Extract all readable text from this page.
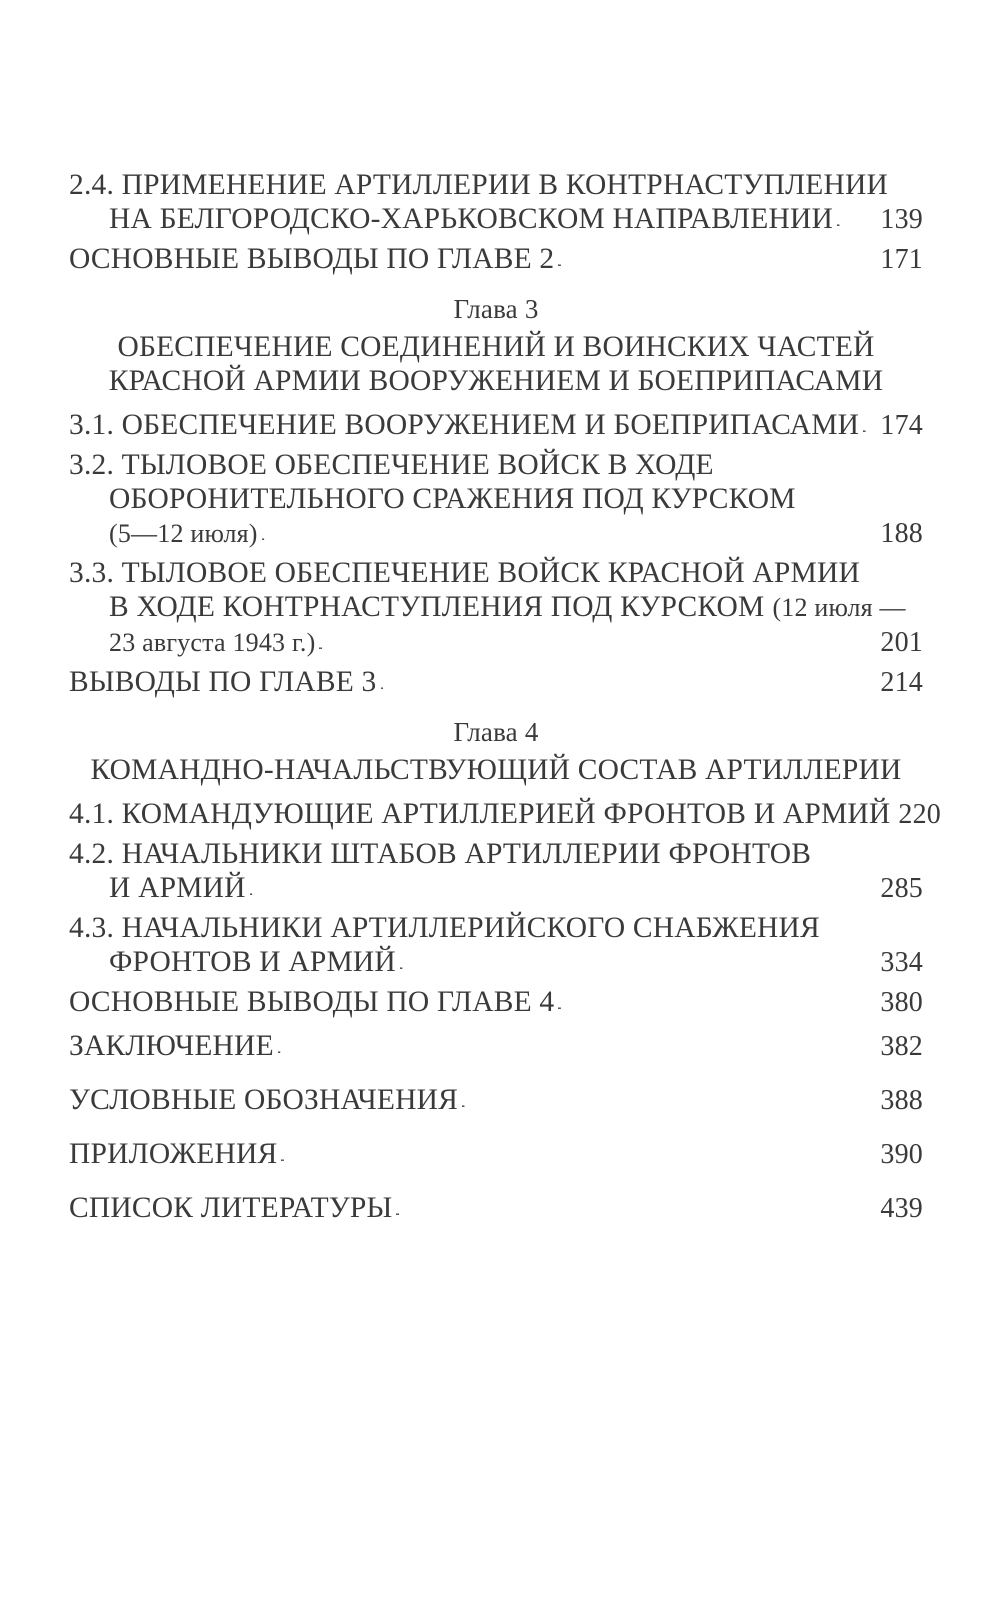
2.4. ПРИМЕНЕНИЕ АРТИЛЛЕРИИ В КОНТРНАСТУПЛЕНИИ
НА БЕЛГОРОДСКО-ХАРЬКОВСКОМ НАПРАВЛЕНИИ . . . 139
ОСНОВНЫЕ ВЫВОДЫ ПО ГЛАВЕ 2 . . .	171
Глава 3
ОБЕСПЕЧЕНИЕ СОЕДИНЕНИЙ И ВОИНСКИХ ЧАСТЕЙ
КРАСНОЙ АРМИИ ВООРУЖЕНИЕМ И БОЕПРИПАСАМИ
3.1. ОБЕСПЕЧЕНИЕ ВООРУЖЕНИЕМ И БОЕПРИПАСАМИ . . . 174
3.2. ТЫЛОВОЕ ОБЕСПЕЧЕНИЕ ВОЙСК В ХОДЕ
ОБОРОНИТЕЛЬНОГО СРАЖЕНИЯ ПОД КУРСКОМ
(5—12 июля) . . .	188
3.3. ТЫЛОВОЕ ОБЕСПЕЧЕНИЕ ВОЙСК КРАСНОЙ АРМИИ
В ХОДЕ КОНТРНАСТУПЛЕНИЯ ПОД КУРСКОМ (12 июля —
23 августа 1943 г.) . . .	201
ВЫВОДЫ ПО ГЛАВЕ 3 . . .	214
Глава 4
КОМАНДНО-НАЧАЛЬСТВУЮЩИЙ СОСТАВ АРТИЛЛЕРИИ
4.1. КОМАНДУЮЩИЕ АРТИЛЛЕРИЕЙ ФРОНТОВ И АРМИЙ 220
4.2. НАЧАЛЬНИКИ ШТАБОВ АРТИЛЛЕРИИ ФРОНТОВ
И АРМИЙ . . .	285
4.3. НАЧАЛЬНИКИ АРТИЛЛЕРИЙСКОГО СНАБЖЕНИЯ
ФРОНТОВ И АРМИЙ . . .	334
ОСНОВНЫЕ ВЫВОДЫ ПО ГЛАВЕ 4 . . .	380
ЗАКЛЮЧЕНИЕ . . .	382
УСЛОВНЫЕ ОБОЗНАЧЕНИЯ . . .	388
ПРИЛОЖЕНИЯ . . .	390
СПИСОК ЛИТЕРАТУРЫ . . .	439
